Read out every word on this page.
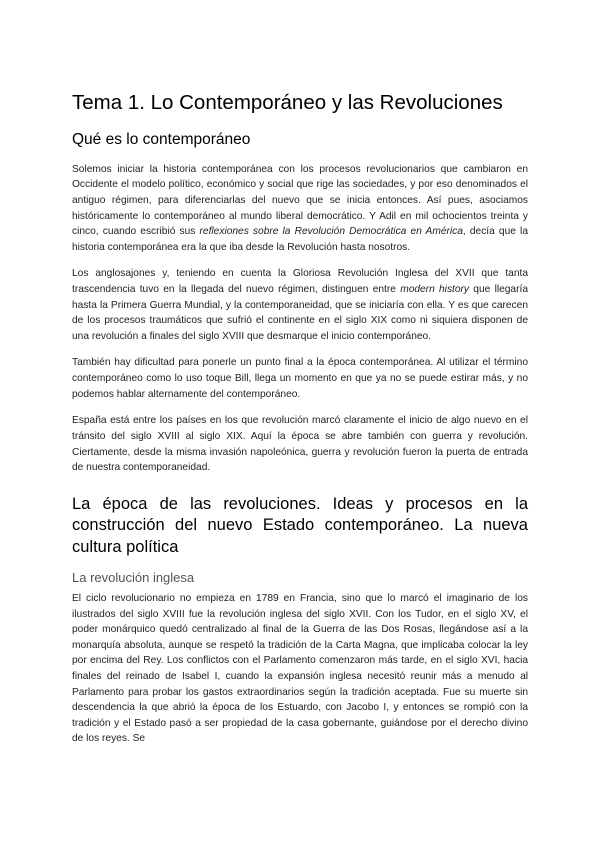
Tema 1. Lo Contemporáneo y las Revoluciones
Qué es lo contemporáneo

Solemos iniciar la historia contemporánea con los procesos revolucionarios que cambiaron en Occidente el modelo político, económico y social que rige las sociedades, y por eso denominados el antiguo régimen, para diferenciarlas del nuevo que se inicia entonces. Así pues, asociamos históricamente lo contemporáneo al mundo liberal democrático. Y Adil en mil ochocientos treinta y cinco, cuando escribió sus reflexiones sobre la Revolución Democrática en América, decía que la historia contemporánea era la que iba desde la Revolución hasta nosotros.

Los anglosajones y, teniendo en cuenta la Gloriosa Revolución Inglesa del XVII que tanta trascendencia tuvo en la llegada del nuevo régimen, distinguen entre modern history que llegaría hasta la Primera Guerra Mundial, y la contemporaneidad, que se iniciaría con ella. Y es que carecen de los procesos traumáticos que sufrió el continente en el siglo XIX como ni siquiera disponen de una revolución a finales del siglo XVIII que desmarque el inicio contemporáneo.

También hay dificultad para ponerle un punto final a la época contemporánea. Al utilizar el término contemporáneo como lo uso toque Bill, llega un momento en que ya no se puede estirar más, y no podemos hablar alternamente del contemporáneo.

España está entre los países en los que revolución marcó claramente el inicio de algo nuevo en el tránsito del siglo XVIII al siglo XIX. Aquí la época se abre también con guerra y revolución. Ciertamente, desde la misma invasión napoleónica, guerra y revolución fueron la puerta de entrada de nuestra contemporaneidad.

La época de las revoluciones. Ideas y procesos en la construcción del nuevo Estado contemporáneo. La nueva cultura política
La revolución inglesa

El ciclo revolucionario no empieza en 1789 en Francia, sino que lo marcó el imaginario de los ilustrados del siglo XVIII fue la revolución inglesa del siglo XVII. Con los Tudor, en el siglo XV, el poder monárquico quedó centralizado al final de la Guerra de las Dos Rosas, llegándose así a la monarquía absoluta, aunque se respetó la tradición de la Carta Magna, que implicaba colocar la ley por encima del Rey. Los conflictos con el Parlamento comenzaron más tarde, en el siglo XVI, hacia finales del reinado de Isabel I, cuando la expansión inglesa necesitó reunir más a menudo al Parlamento para probar los gastos extraordinarios según la tradición aceptada. Fue su muerte sin descendencia la que abrió la época de los Estuardo, con Jacobo I, y entonces se rompió con la tradición y el Estado pasó a ser propiedad de la casa gobernante, guiándose por el derecho divino de los reyes. Se
